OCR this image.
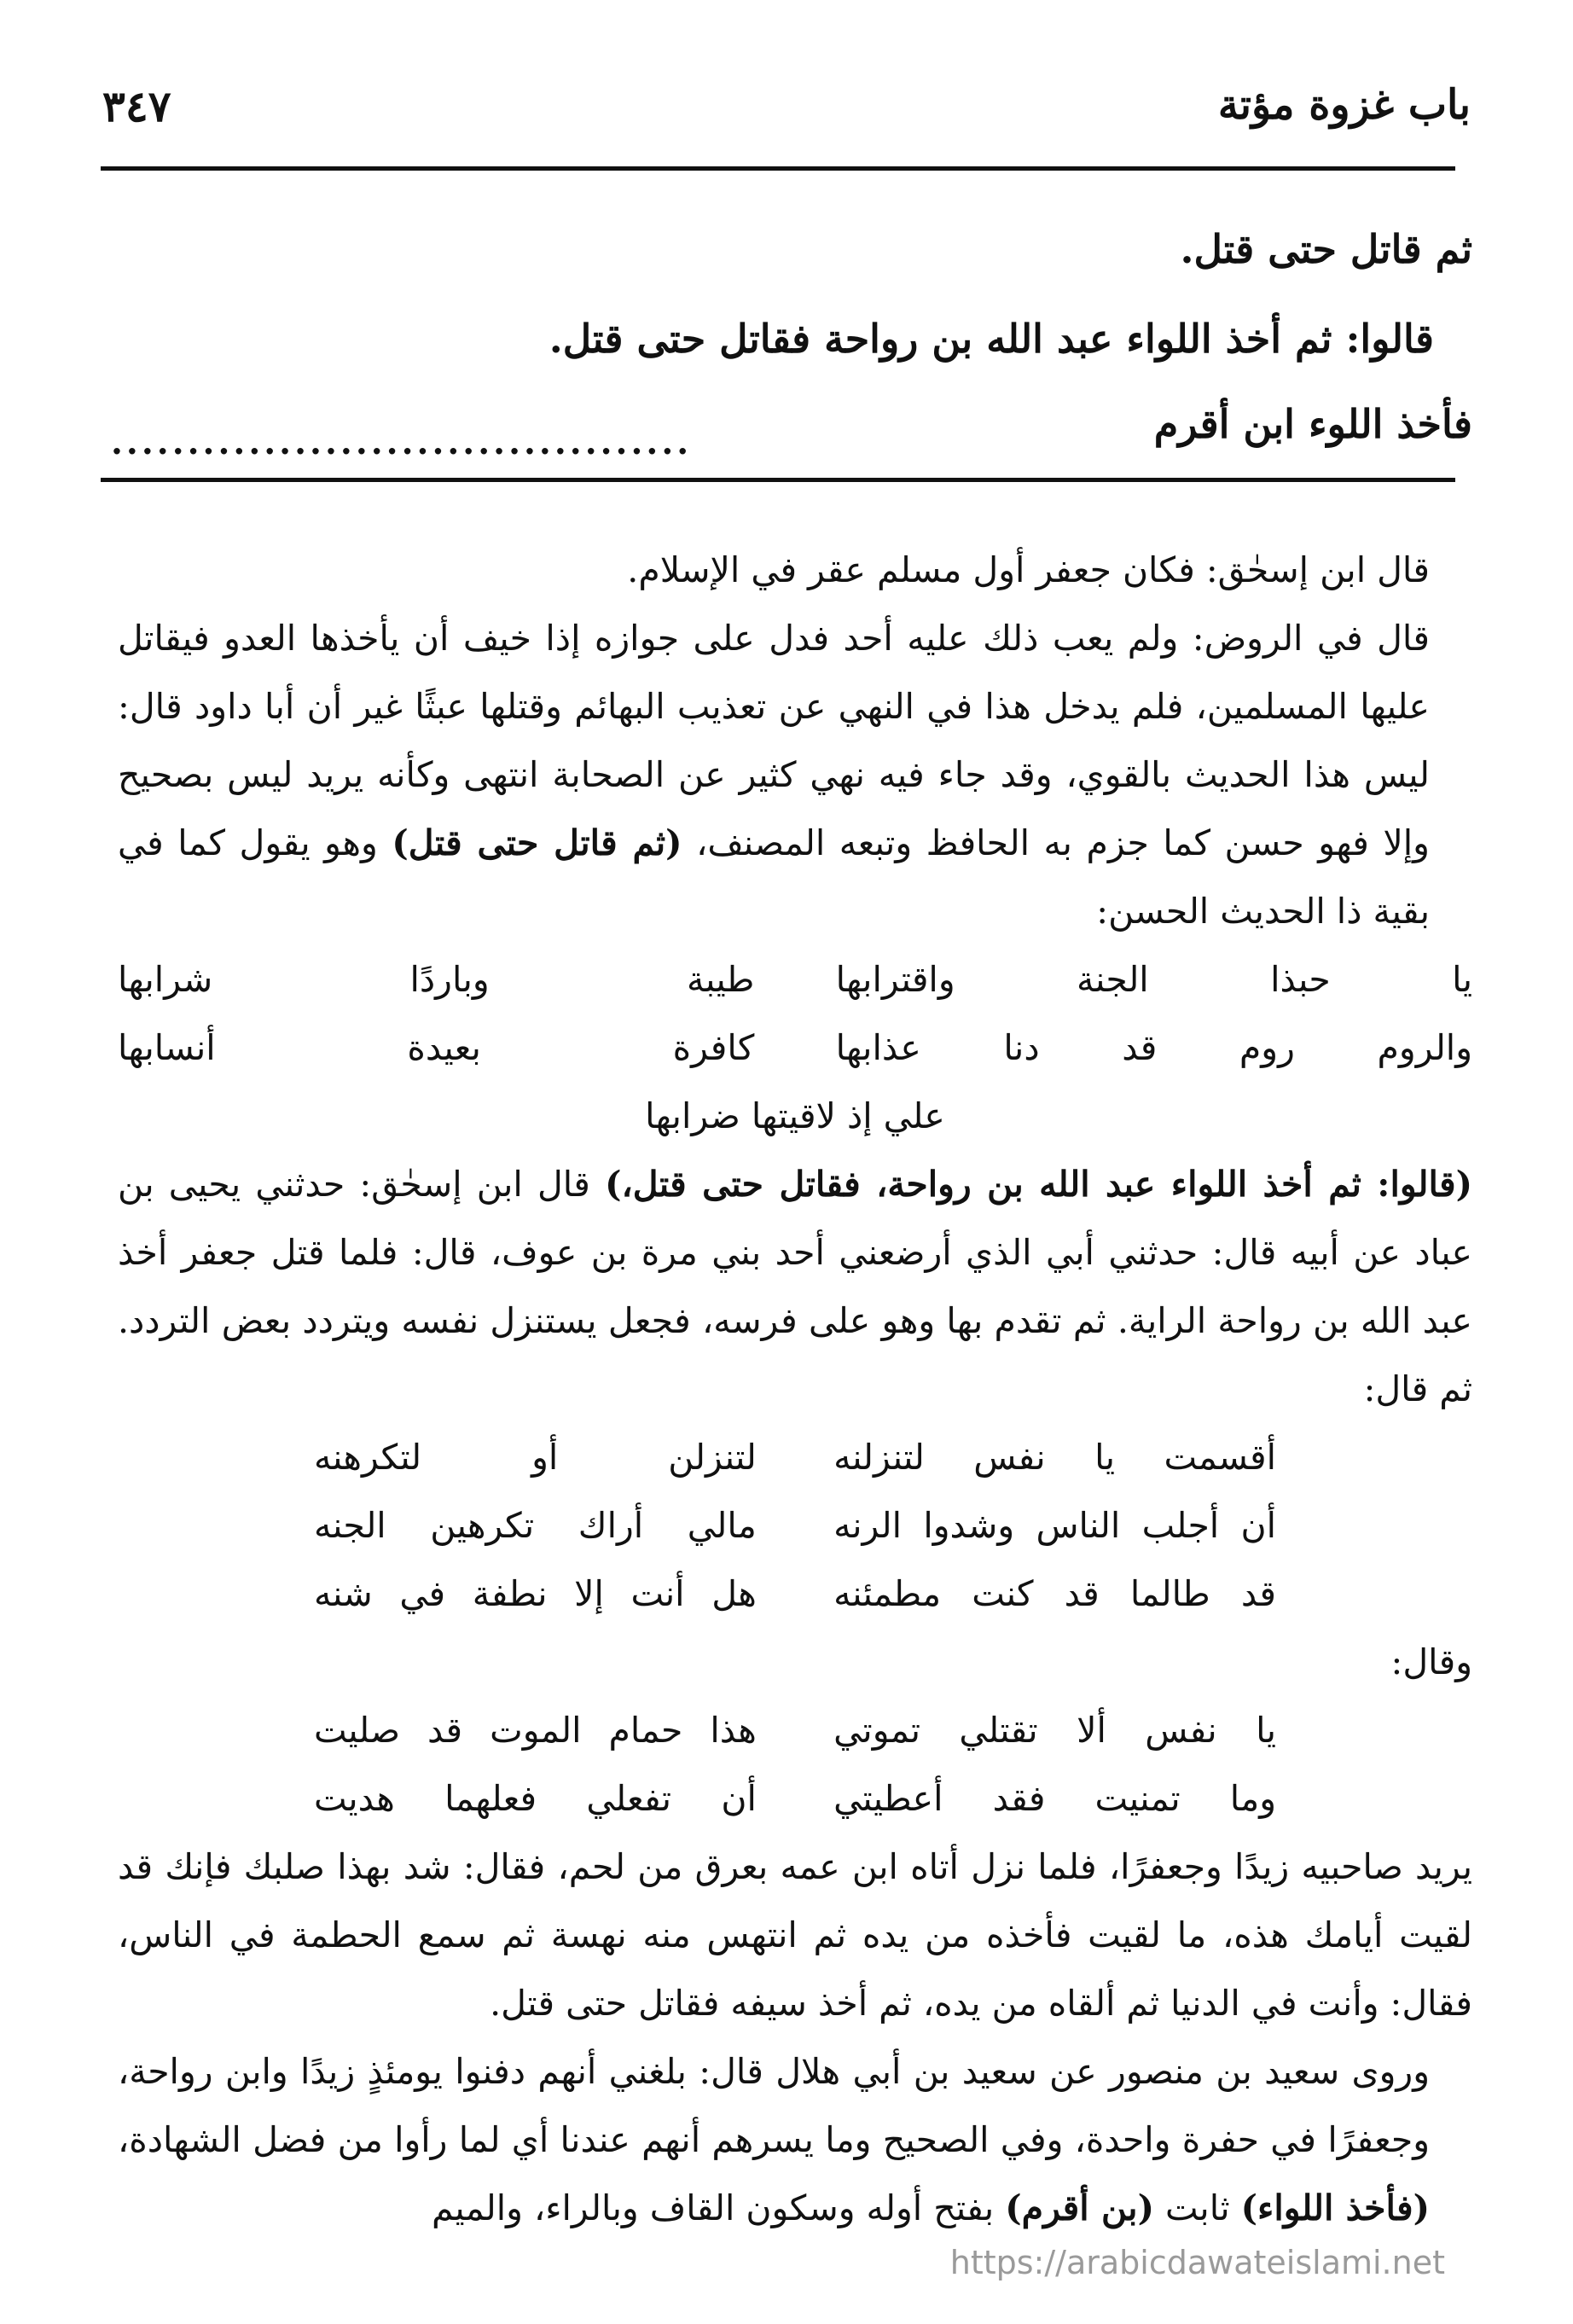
باب غزوة مؤتة
٣٤٧
ثم قاتل حتى قتل.
قالوا: ثم أخذ اللواء عبد الله بن رواحة فقاتل حتى قتل.
فأخذ اللوء ابن أقرم
......................................

قال ابن إسحٰق: فكان جعفر أول مسلم عقر في الإسلام.

قال في الروض: ولم يعب ذلك عليه أحد فدل على جوازه إذا خيف أن يأخذها العدو فيقاتل عليها المسلمين، فلم يدخل هذا في النهي عن تعذيب البهائم وقتلها عبثًا غير أن أبا داود قال: ليس هذا الحديث بالقوي، وقد جاء فيه نهي كثير عن الصحابة انتهى وكأنه يريد ليس بصحيح وإلا فهو حسن كما جزم به الحافظ وتبعه المصنف، (ثم قاتل حتى قتل) وهو يقول كما في بقية ذا الحديث الحسن:

يا حبذا الجنة واقترابها
طيبة وباردًا شرابها
والروم روم قد دنا عذابها
كافرة بعيدة أنسابها
علي إذ لاقيتها ضرابها

(قالوا: ثم أخذ اللواء عبد الله بن رواحة، فقاتل حتى قتل،) قال ابن إسحٰق: حدثني يحيى بن عباد عن أبيه قال: حدثني أبي الذي أرضعني أحد بني مرة بن عوف، قال: فلما قتل جعفر أخذ عبد الله بن رواحة الراية. ثم تقدم بها وهو على فرسه، فجعل يستنزل نفسه ويتردد بعض التردد. ثم قال:

أقسمت يا نفس لتنزلنه
لتنزلن أو لتكرهنه
أن أجلب الناس وشدوا الرنه
مالي أراك تكرهين الجنه
قد طالما قد كنت مطمئنه
هل أنت إلا نطفة في شنه

وقال:

يا نفس ألا تقتلي تموتي
هذا حمام الموت قد صليت
وما تمنيت فقد أعطيتي
أن تفعلي فعلهما هديت

يريد صاحبيه زيدًا وجعفرًا، فلما نزل أتاه ابن عمه بعرق من لحم، فقال: شد بهذا صلبك فإنك قد لقيت أيامك هذه، ما لقيت فأخذه من يده ثم انتهس منه نهسة ثم سمع الحطمة في الناس، فقال: وأنت في الدنيا ثم ألقاه من يده، ثم أخذ سيفه فقاتل حتى قتل.

وروى سعيد بن منصور عن سعيد بن أبي هلال قال: بلغني أنهم دفنوا يومئذٍ زيدًا وابن رواحة، وجعفرًا في حفرة واحدة، وفي الصحيح وما يسرهم أنهم عندنا أي لما رأوا من فضل الشهادة، (فأخذ اللواء) ثابت (بن أقرم) بفتح أوله وسكون القاف وبالراء، والميم

https://arabicdawateislami.net
